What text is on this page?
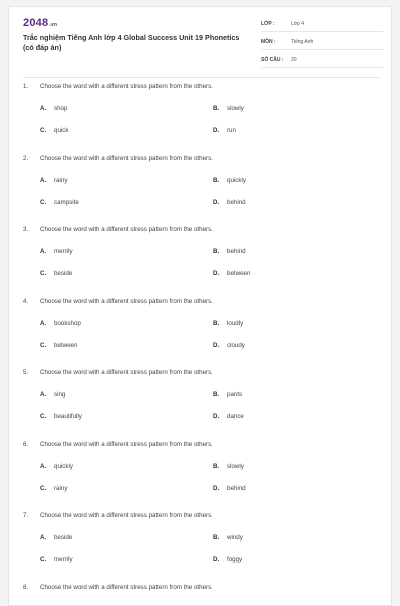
2048.vn
Trắc nghiệm Tiếng Anh lớp 4 Global Success Unit 19 Phonetics (có đáp án)
LỚP :	Lớp 4
MÔN :	Tiếng Anh
SỐ CÂU : 20
1. Choose the word with a different stress pattern from the others.
A. shop	B. slowly
C. quick	D. run
2. Choose the word with a different stress pattern from the others.
A. rainy	B. quickly
C. campsite	D. behind
3. Choose the word with a different stress pattern from the others.
A. merrily	B. behind
C. beside	D. between
4. Choose the word with a different stress pattern from the others.
A. bookshop	B. loudly
C. between	D. cloudy
5. Choose the word with a different stress pattern from the others.
A. sing	B. pants
C. beautifully	D. dance
6. Choose the word with a different stress pattern from the others.
A. quickly	B. slowly
C. rainy	D. behind
7. Choose the word with a different stress pattern from the others.
A. beside	B. windy
C. merrily	D. foggy
8. Choose the word with a different stress pattern from the others.
